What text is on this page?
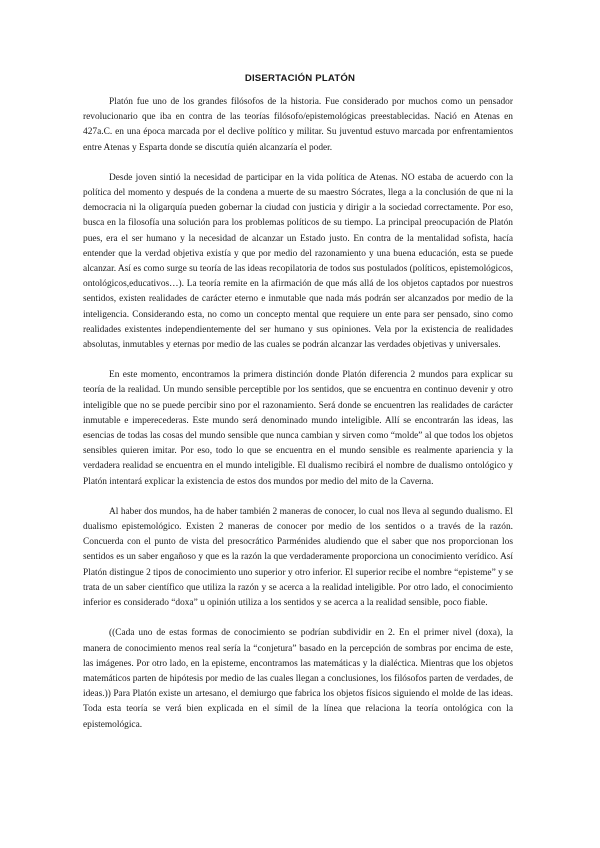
DISERTACIÓN PLATÓN

Platón fue uno de los grandes filósofos de la historia. Fue considerado por muchos como un pensador revolucionario que iba en contra de las teorías filósofo/epistemológicas preestablecidas. Nació en Atenas en 427a.C. en una época marcada por el declive político y militar. Su juventud estuvo marcada por enfrentamientos entre Atenas y Esparta donde se discutía quién alcanzaría el poder.

Desde joven sintió la necesidad de participar en la vida política de Atenas. NO estaba de acuerdo con la política del momento y después de la condena a muerte de su maestro Sócrates, llega a la conclusión de que ni la democracia ni la oligarquía pueden gobernar la ciudad con justicia y dirigir a la sociedad correctamente. Por eso, busca en la filosofía una solución para los problemas políticos de su tiempo. La principal preocupación de Platón pues, era el ser humano y la necesidad de alcanzar un Estado justo. En contra de la mentalidad sofista, hacía entender que la verdad objetiva existía y que por medio del razonamiento y una buena educación, esta se puede alcanzar. Así es como surge su teoría de las ideas recopilatoria de todos sus postulados (políticos, epistemológicos, ontológicos,educativos…). La teoría remite en la afirmación de que más allá de los objetos captados por nuestros sentidos, existen realidades de carácter eterno e inmutable que nada más podrán ser alcanzados por medio de la inteligencia. Considerando esta, no como un concepto mental que requiere un ente para ser pensado, sino como realidades existentes independientemente del ser humano y sus opiniones. Vela por la existencia de realidades absolutas, inmutables y eternas por medio de las cuales se podrán alcanzar las verdades objetivas y universales.

En este momento, encontramos la primera distinción donde Platón diferencia 2 mundos para explicar su teoría de la realidad. Un mundo sensible perceptible por los sentidos, que se encuentra en continuo devenir y otro inteligible que no se puede percibir sino por el razonamiento. Será donde se encuentren las realidades de carácter inmutable e imperecederas. Este mundo será denominado mundo inteligible. Allí se encontrarán las ideas, las esencias de todas las cosas del mundo sensible que nunca cambian y sirven como “molde” al que todos los objetos sensibles quieren imitar. Por eso, todo lo que se encuentra en el mundo sensible es realmente apariencia y la verdadera realidad se encuentra en el mundo inteligible. El dualismo recibirá el nombre de dualismo ontológico y Platón intentará explicar la existencia de estos dos mundos por medio del mito de la Caverna.

Al haber dos mundos, ha de haber también 2 maneras de conocer, lo cual nos lleva al segundo dualismo. El dualismo epistemológico. Existen 2 maneras de conocer por medio de los sentidos o a través de la razón. Concuerda con el punto de vista del presocrático Parménides aludiendo que el saber que nos proporcionan los sentidos es un saber engañoso y que es la razón la que verdaderamente proporciona un conocimiento verídico. Así Platón distingue 2 tipos de conocimiento uno superior y otro inferior. El superior recibe el nombre “episteme” y se trata de un saber científico que utiliza la razón y se acerca a la realidad inteligible. Por otro lado, el conocimiento inferior es considerado “doxa” u opinión utiliza a los sentidos y se acerca a la realidad sensible, poco fiable.

((Cada uno de estas formas de conocimiento se podrían subdividir en 2. En el primer nivel (doxa), la manera de conocimiento menos real sería la “conjetura” basado en la percepción de sombras por encima de este, las imágenes. Por otro lado, en la episteme, encontramos las matemáticas y la dialéctica. Mientras que los objetos matemáticos parten de hipótesis por medio de las cuales llegan a conclusiones, los filósofos parten de verdades, de ideas.)) Para Platón existe un artesano, el demiurgo que fabrica los objetos físicos siguiendo el molde de las ideas. Toda esta teoría se verá bien explicada en el símil de la línea que relaciona la teoría ontológica con la epistemológica.
